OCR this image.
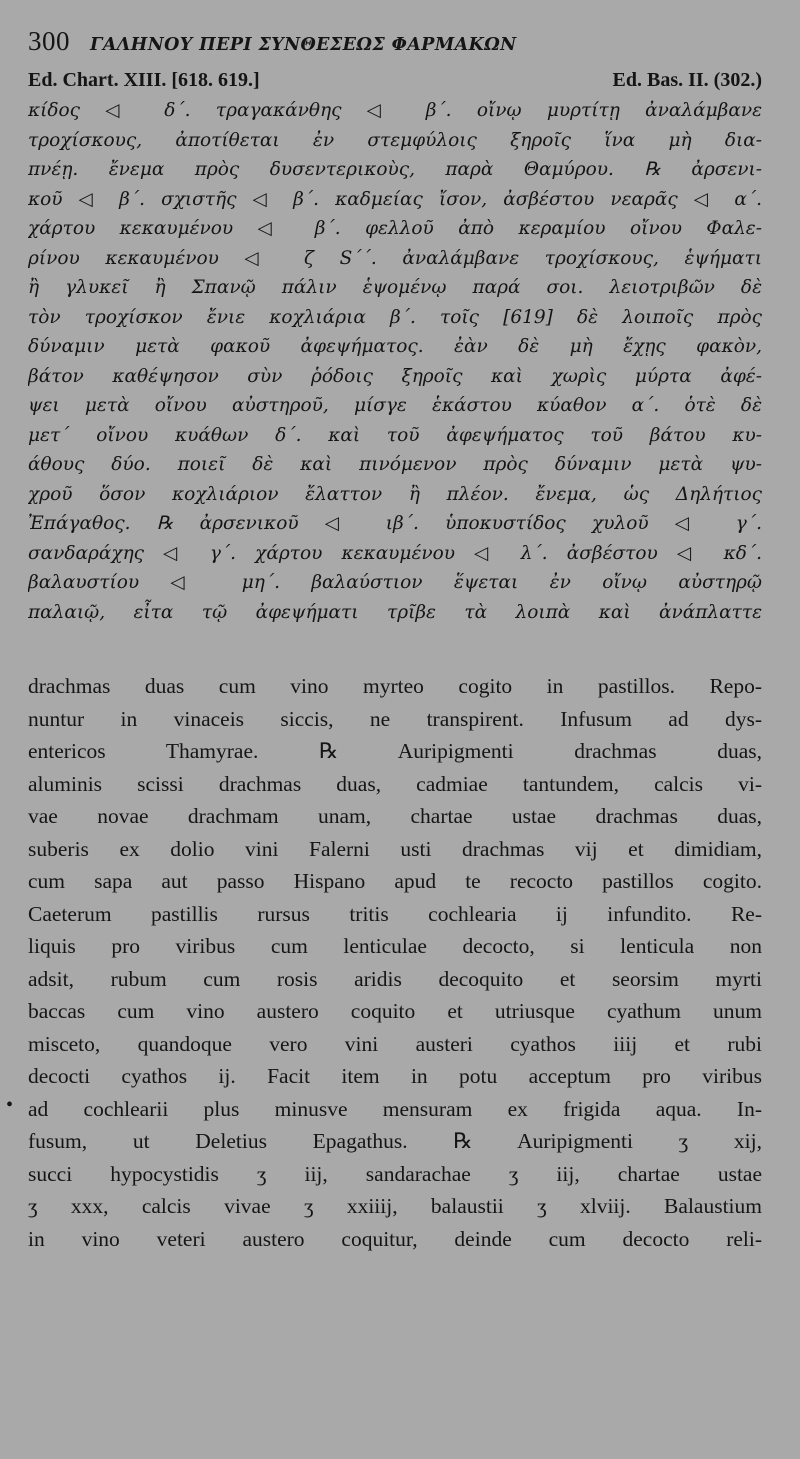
300 ΓΑΛΗΝΟΥ ΠΕΡΙ ΣΥΝΘΕΣΕΩΣ ΦΑΡΜΑΚΩΝ
Ed. Chart. XIII. [618. 619.]	Ed. Bas. II. (302.)
κίδος ◁ δ΄. τραγακάνθης ◁ β΄. οἴνῳ μυρτίτῃ ἀναλάμβανε
τροχίσκους, ἀποτίθεται ἐν στεμφύλοις ξηροῖς ἵνα μὴ δια-
πνέῃ. ἔνεμα πρὸς δυσεντερικοὺς, παρὰ Θαμύρου. ℞ ἀρσενι-
κοῦ ◁ β΄. σχιστῆς ◁ β΄. καδμείας ἴσον, ἀσβέστου νεαρᾶς ◁ α΄.
χάρτου κεκαυμένου ◁ β΄. φελλοῦ ἀπὸ κεραμίου οἴνου Φαλε-
ρίνου κεκαυμένου ◁ ζ S΄΄. ἀναλάμβανε τροχίσκους, ἑψήματι
ἢ γλυκεῖ ἢ Σπανῷ πάλιν ἑψομένῳ παρά σοι. λειοτριβῶν δὲ
τὸν τροχίσκον ἔνιε κοχλιάρια β΄. τοῖς [619] δὲ λοιποῖς πρὸς
δύναμιν μετὰ φακοῦ ἀφεψήματος. ἐὰν δὲ μὴ ἔχῃς φακὸν,
βάτον καθέψησον σὺν ῥόδοις ξηροῖς καὶ χωρὶς μύρτα ἀφέ-
ψει μετὰ οἴνου αὐστηροῦ, μίσγε ἑκάστου κύαθον α΄. ὁτὲ δὲ
μετ΄ οἴνου κυάθων δ΄. καὶ τοῦ ἀφεψήματος τοῦ βάτου κυ-
άθους δύο. ποιεῖ δὲ καὶ πινόμενον πρὸς δύναμιν μετὰ ψυ-
χροῦ ὅσον κοχλιάριον ἔλαττον ἢ πλέον. ἔνεμα, ὡς Δηλήτιος
Ἐπάγαθος. ℞ ἀρσενικοῦ ◁ ιβ΄. ὑποκυστίδος χυλοῦ ◁ γ΄.
σανδαράχης ◁ γ΄. χάρτου κεκαυμένου ◁ λ΄. ἀσβέστου ◁ κδ΄.
βαλαυστίου ◁ μη΄. βαλαύστιον ἕψεται ἐν οἴνῳ αὐστηρῷ
παλαιῷ, εἶτα τῷ ἀφεψήματι τρῖβε τὰ λοιπὰ καὶ ἀνάπλαττε
drachmas duas cum vino myrteo cogito in pastillos. Repo-
nuntur in vinaceis siccis, ne transpirent. Infusum ad dys-
entericos Thamyrae. ℞ Auripigmenti drachmas duas,
aluminis scissi drachmas duas, cadmiae tantundem, calcis vi-
vae novae drachmam unam, chartae ustae drachmas duas,
suberis ex dolio vini Falerni usti drachmas vij et dimidiam,
cum sapa aut passo Hispano apud te recocto pastillos cogito.
Caeterum pastillis rursus tritis cochlearia ij infundito. Re-
liquis pro viribus cum lenticulae decocto, si lenticula non
adsit, rubum cum rosis aridis decoquito et seorsim myrti
baccas cum vino austero coquito et utriusque cyathum unum
misceto, quandoque vero vini austeri cyathos iiij et rubi
decocti cyathos ij. Facit item in potu acceptum pro viribus
ad cochlearii plus minusve mensuram ex frigida aqua. In-
fusum, ut Deletius Epagathus. ℞ Auripigmenti ʒ xij,
succi hypocystidis ʒ iij, sandarachae ʒ iij, chartae ustae
ʒ xxx, calcis vivae ʒ xxiiij, balaustii ʒ xlviij. Balaustium
in vino veteri austero coquitur, deinde cum decocto reli-
•
